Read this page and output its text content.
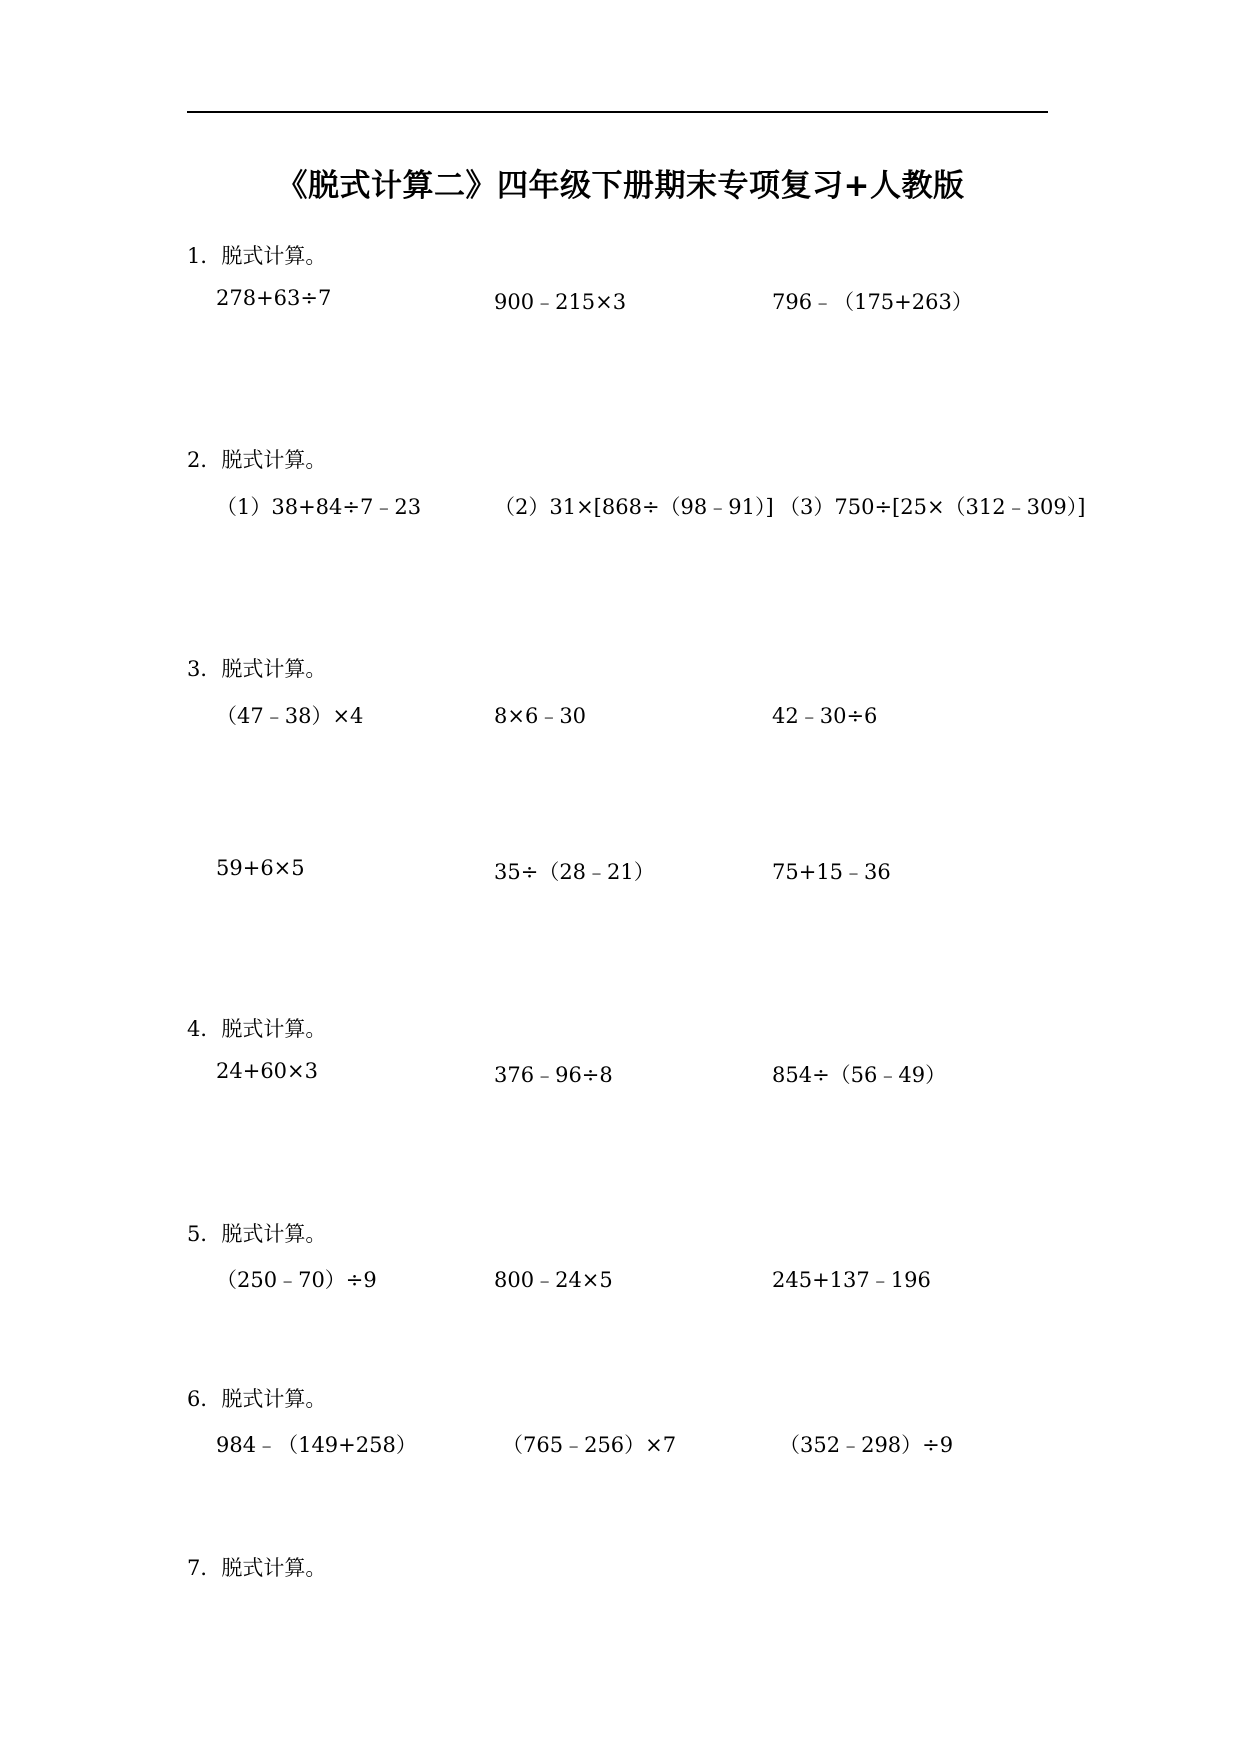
《脱式计算二》四年级下册期末专项复习+人教版
1．脱式计算。
278+63÷7	900﹣215×3	796﹣（175+263）
2．脱式计算。
（1）38+84÷7﹣23	（2）31×[868÷（98﹣91）] （3）750÷[25×（312﹣309）]
3．脱式计算。
（47﹣38）×4	8×6﹣30	42﹣30÷6
59+6×5	35÷（28﹣21）	75+15﹣36
4．脱式计算。
24+60×3	376﹣96÷8	854÷（56﹣49）
5．脱式计算。
（250﹣70）÷9	800﹣24×5	245+137﹣196
6．脱式计算。
984﹣（149+258）	（765﹣256）×7	（352﹣298）÷9
7．脱式计算。
